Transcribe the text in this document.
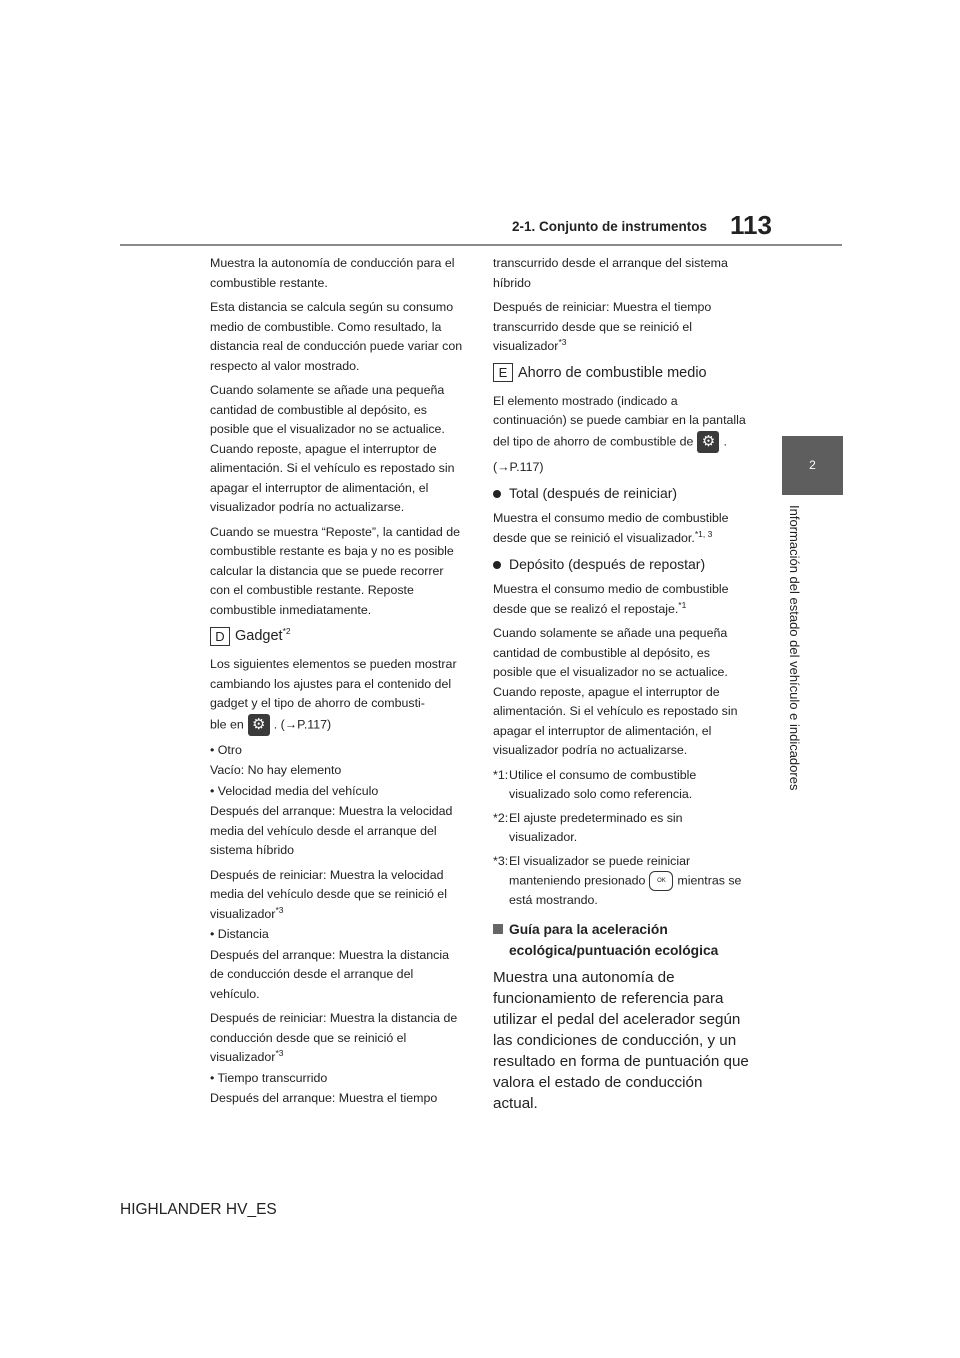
2-1. Conjunto de instrumentos 113
2
Información del estado del vehículo e indicadores

Muestra la autonomía de conducción para el combustible restante.

Esta distancia se calcula según su consumo medio de combustible. Como resultado, la distancia real de conducción puede variar con respecto al valor mostrado.

Cuando solamente se añade una pequeña cantidad de combustible al depósito, es posible que el visualizador no se actualice. Cuando reposte, apague el interruptor de alimentación. Si el vehículo es repostado sin apagar el interruptor de alimentación, el visualizador podría no actualizarse.

Cuando se muestra “Reposte”, la cantidad de combustible restante es baja y no es posible calcular la distancia que se puede recorrer con el combustible restante. Reposte combustible inmediatamente.

D Gadget$^{*2}$

Los siguientes elementos se pueden mostrar cambiando los ajustes para el contenido del gadget y el tipo de ahorro de combusti-
ble en ⚙ . (→P.117)

• Otro

Vacío: No hay elemento

• Velocidad media del vehículo

Después del arranque: Muestra la velocidad media del vehículo desde el arranque del sistema híbrido

Después de reiniciar: Muestra la velocidad media del vehículo desde que se reinició el visualizador$^{*3}$

• Distancia

Después del arranque: Muestra la distancia de conducción desde el arranque del vehículo.

Después de reiniciar: Muestra la distancia de conducción desde que se reinició el visualizador$^{*3}$

• Tiempo transcurrido

Después del arranque: Muestra el tiempo

transcurrido desde el arranque del sistema híbrido

Después de reiniciar: Muestra el tiempo transcurrido desde que se reinició el visualizador$^{*3}$

E Ahorro de combustible medio

El elemento mostrado (indicado a continuación) se puede cambiar en la pantalla del tipo de ahorro de combustible de ⚙ .

(→P.117)

Total (después de reiniciar)

Muestra el consumo medio de combustible desde que se reinició el visualizador.$^{*1, 3}$

Depósito (después de repostar)

Muestra el consumo medio de combustible desde que se realizó el repostaje.$^{*1}$

Cuando solamente se añade una pequeña cantidad de combustible al depósito, es posible que el visualizador no se actualice. Cuando reposte, apague el interruptor de alimentación. Si el vehículo es repostado sin apagar el interruptor de alimentación, el visualizador podría no actualizarse.

*1: Utilice el consumo de combustible visualizado solo como referencia.
*2: El ajuste predeterminado es sin visualizador.
*3: El visualizador se puede reiniciar manteniendo presionado OK mientras se está mostrando.
Guía para la aceleración ecológica/puntuación ecológica

Muestra una autonomía de funcionamiento de referencia para utilizar el pedal del acelerador según las condiciones de conducción, y un resultado en forma de puntuación que valora el estado de conducción actual.

HIGHLANDER HV_ES
